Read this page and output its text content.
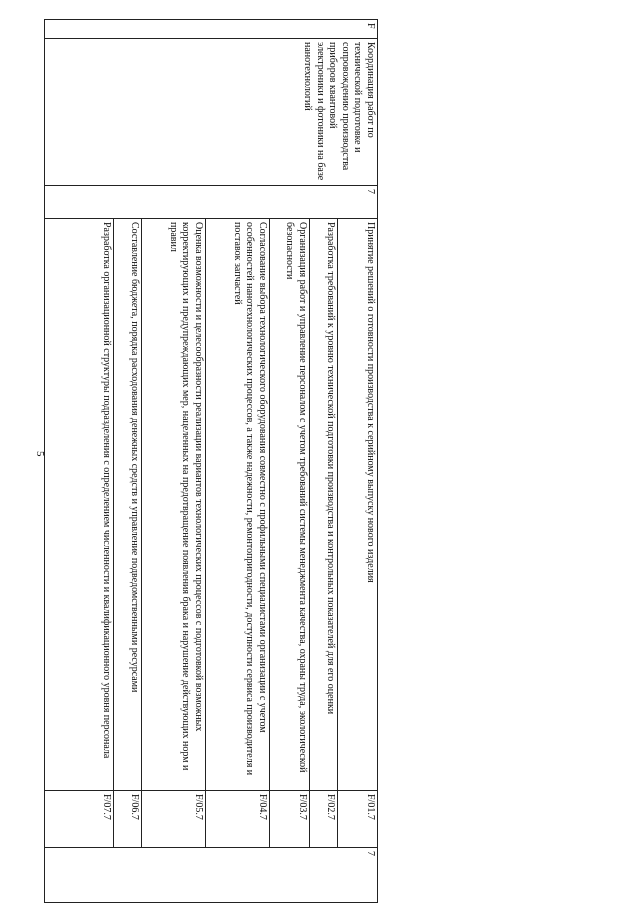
5
F	Координация работ по технической подготовке и сопровождению производства приборов квантовой электроники и фотоники на базе нанотехнологий	7	Принятие решений о готовности производства к серийному выпуску нового изделия	F/01.7	7
			Разработка требований к уровню технической подготовки производства и контрольных показателей для его оценки	F/02.7	
			Организация работ и управление персоналом с учетом требований системы менеджмента качества, охраны труда, экологической безопасности	F/03.7	
			Согласование выбора технологического оборудования совместно с профильными специалистами организации с учетом особенностей нанотехнологических процессов, а также надежности, ремонтопригодности, доступности сервиса производителя и поставок запчастей	F/04.7	
			Оценка возможности и целесообразности реализации вариантов технологических процессов с подготовкой возможных корректирующих и предупреждающих мер, нацеленных на предотвращение появления брака и нарушение действующих норм и правил	F/05.7	
			Составление бюджета, порядка расходования денежных средств и управление подведомственными ресурсами	F/06.7	
			Разработка организационной структуры подразделения с определением численности и квалификационного уровня персонала	F/07.7	
